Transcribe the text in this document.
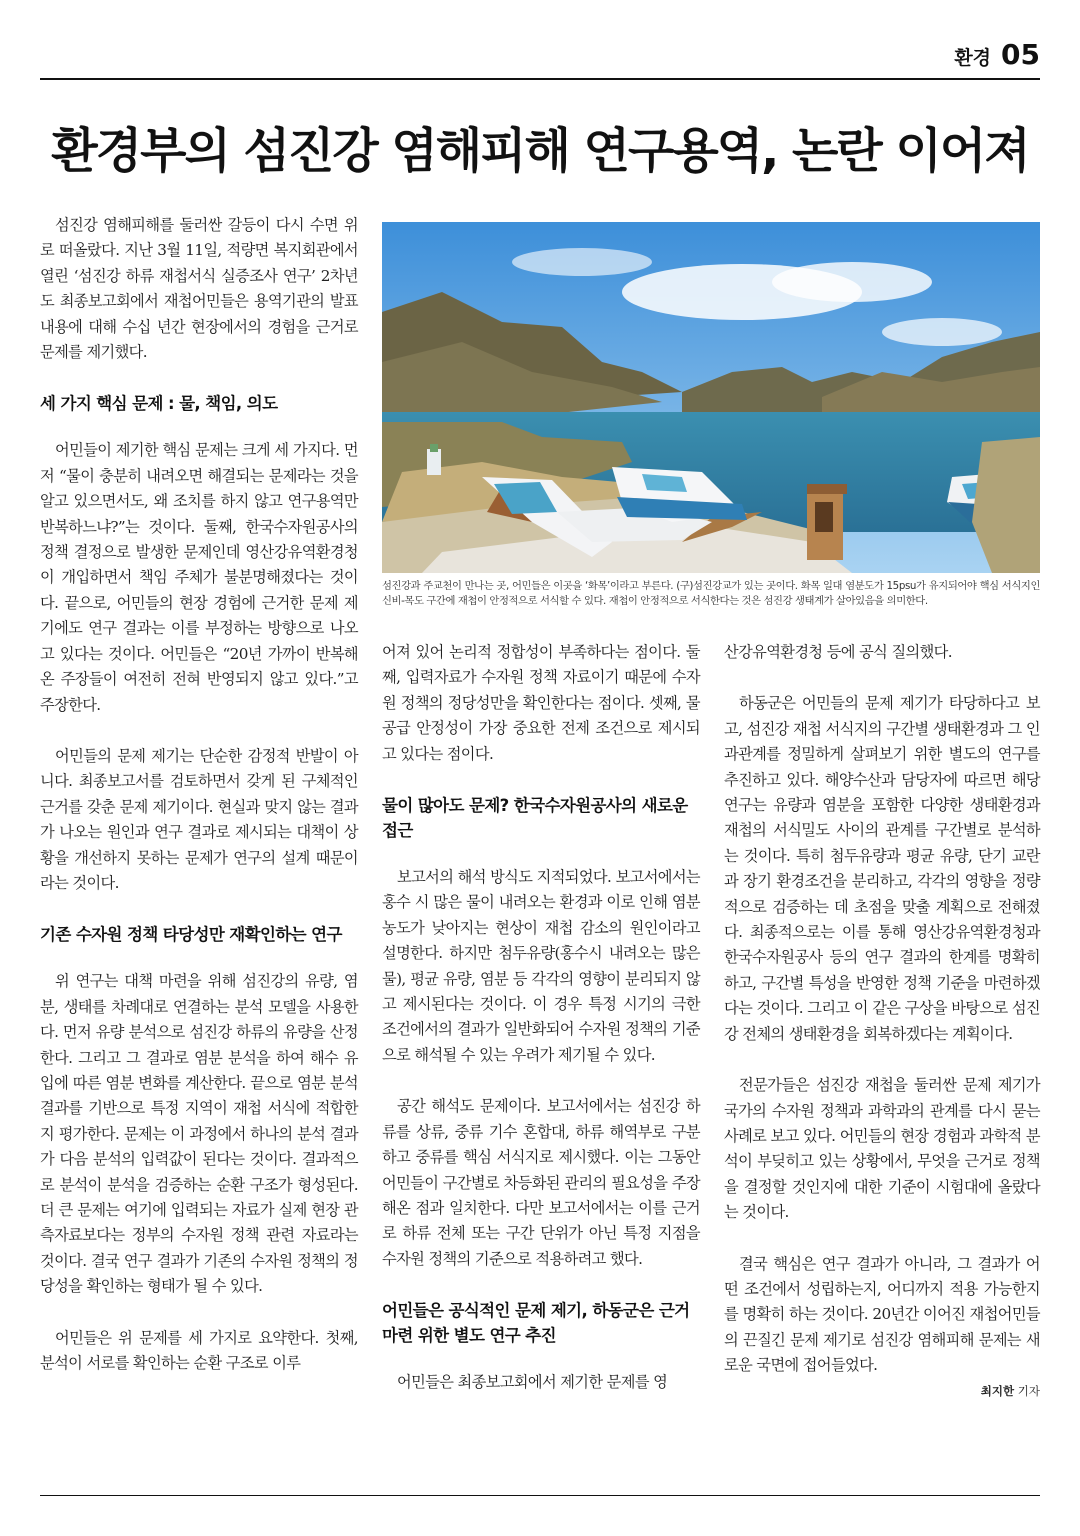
환경 05
환경부의 섬진강 염해피해 연구용역, 논란 이어져

섬진강 염해피해를 둘러싼 갈등이 다시 수면 위로 떠올랐다. 지난 3월 11일, 적량면 복지회관에서 열린 ‘섬진강 하류 재첩서식 실증조사 연구’ 2차년도 최종보고회에서 재첩어민들은 용역기관의 발표내용에 대해 수십 년간 현장에서의 경험을 근거로 문제를 제기했다.

세 가지 핵심 문제 : 물, 책임, 의도

어민들이 제기한 핵심 문제는 크게 세 가지다. 먼저 “물이 충분히 내려오면 해결되는 문제라는 것을 알고 있으면서도, 왜 조치를 하지 않고 연구용역만 반복하느냐?”는 것이다. 둘째, 한국수자원공사의 정책 결정으로 발생한 문제인데 영산강유역환경청이 개입하면서 책임 주체가 불분명해졌다는 것이다. 끝으로, 어민들의 현장 경험에 근거한 문제 제기에도 연구 결과는 이를 부정하는 방향으로 나오고 있다는 것이다. 어민들은 “20년 가까이 반복해 온 주장들이 여전히 전혀 반영되지 않고 있다.”고 주장한다.

어민들의 문제 제기는 단순한 감정적 반발이 아니다. 최종보고서를 검토하면서 갖게 된 구체적인 근거를 갖춘 문제 제기이다. 현실과 맞지 않는 결과가 나오는 원인과 연구 결과로 제시되는 대책이 상황을 개선하지 못하는 문제가 연구의 설계 때문이라는 것이다.

기존 수자원 정책 타당성만 재확인하는 연구

위 연구는 대책 마련을 위해 섬진강의 유량, 염분, 생태를 차례대로 연결하는 분석 모델을 사용한다. 먼저 유량 분석으로 섬진강 하류의 유량을 산정한다. 그리고 그 결과로 염분 분석을 하여 해수 유입에 따른 염분 변화를 계산한다. 끝으로 염분 분석 결과를 기반으로 특정 지역이 재첩 서식에 적합한지 평가한다. 문제는 이 과정에서 하나의 분석 결과가 다음 분석의 입력값이 된다는 것이다. 결과적으로 분석이 분석을 검증하는 순환 구조가 형성된다. 더 큰 문제는 여기에 입력되는 자료가 실제 현장 관측자료보다는 정부의 수자원 정책 관련 자료라는 것이다. 결국 연구 결과가 기존의 수자원 정책의 정당성을 확인하는 형태가 될 수 있다.

어민들은 위 문제를 세 가지로 요약한다. 첫째, 분석이 서로를 확인하는 순환 구조로 이루

섬진강과 주교천이 만나는 곳, 어민들은 이곳을 ‘화목’이라고 부른다. (구)섬진강교가 있는 곳이다. 화목 일대 염분도가 15psu가 유지되어야 핵심 서식지인 신비-목도 구간에 재첩이 안정적으로 서식할 수 있다. 재첩이 안정적으로 서식한다는 것은 섬진강 생태계가 살아있음을 의미한다.

어져 있어 논리적 정합성이 부족하다는 점이다. 둘째, 입력자료가 수자원 정책 자료이기 때문에 수자원 정책의 정당성만을 확인한다는 점이다. 셋째, 물공급 안정성이 가장 중요한 전제 조건으로 제시되고 있다는 점이다.

물이 많아도 문제? 한국수자원공사의 새로운 접근

보고서의 해석 방식도 지적되었다. 보고서에서는 홍수 시 많은 물이 내려오는 환경과 이로 인해 염분 농도가 낮아지는 현상이 재첩 감소의 원인이라고 설명한다. 하지만 첨두유량(홍수시 내려오는 많은 물), 평균 유량, 염분 등 각각의 영향이 분리되지 않고 제시된다는 것이다. 이 경우 특정 시기의 극한 조건에서의 결과가 일반화되어 수자원 정책의 기준으로 해석될 수 있는 우려가 제기될 수 있다.

공간 해석도 문제이다. 보고서에서는 섬진강 하류를 상류, 중류 기수 혼합대, 하류 해역부로 구분하고 중류를 핵심 서식지로 제시했다. 이는 그동안 어민들이 구간별로 차등화된 관리의 필요성을 주장해온 점과 일치한다. 다만 보고서에서는 이를 근거로 하류 전체 또는 구간 단위가 아닌 특정 지점을 수자원 정책의 기준으로 적용하려고 했다.

어민들은 공식적인 문제 제기, 하동군은 근거 마련 위한 별도 연구 추진

어민들은 최종보고회에서 제기한 문제를 영

산강유역환경청 등에 공식 질의했다.

하동군은 어민들의 문제 제기가 타당하다고 보고, 섬진강 재첩 서식지의 구간별 생태환경과 그 인과관계를 정밀하게 살펴보기 위한 별도의 연구를 추진하고 있다. 해양수산과 담당자에 따르면 해당 연구는 유량과 염분을 포함한 다양한 생태환경과 재첩의 서식밀도 사이의 관계를 구간별로 분석하는 것이다. 특히 첨두유량과 평균 유량, 단기 교란과 장기 환경조건을 분리하고, 각각의 영향을 정량적으로 검증하는 데 초점을 맞출 계획으로 전해졌다. 최종적으로는 이를 통해 영산강유역환경청과 한국수자원공사 등의 연구 결과의 한계를 명확히 하고, 구간별 특성을 반영한 정책 기준을 마련하겠다는 것이다. 그리고 이 같은 구상을 바탕으로 섬진강 전체의 생태환경을 회복하겠다는 계획이다.

전문가들은 섬진강 재첩을 둘러싼 문제 제기가 국가의 수자원 정책과 과학과의 관계를 다시 묻는 사례로 보고 있다. 어민들의 현장 경험과 과학적 분석이 부딪히고 있는 상황에서, 무엇을 근거로 정책을 결정할 것인지에 대한 기준이 시험대에 올랐다는 것이다.

결국 핵심은 연구 결과가 아니라, 그 결과가 어떤 조건에서 성립하는지, 어디까지 적용 가능한지를 명확히 하는 것이다. 20년간 이어진 재첩어민들의 끈질긴 문제 제기로 섬진강 염해피해 문제는 새로운 국면에 접어들었다.

최지한 기자
